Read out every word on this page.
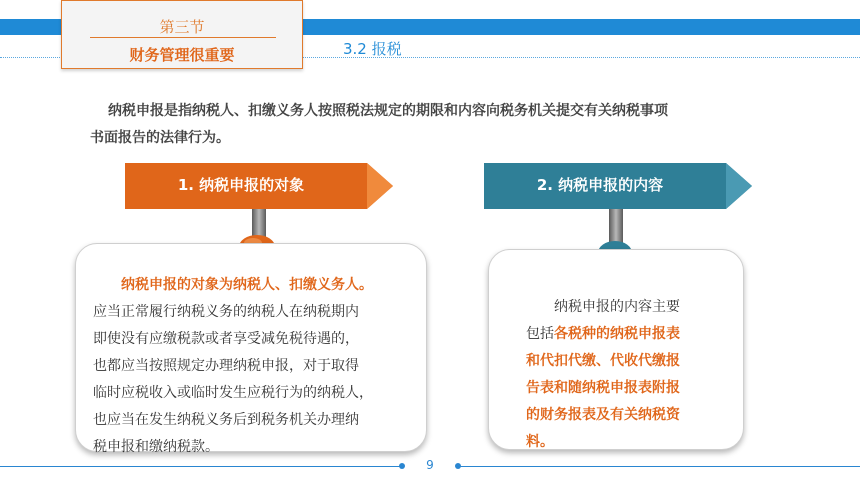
第三节
财务管理很重要	3.2 报税
纳税申报是指纳税人、扣缴义务人按照税法规定的期限和内容向税务机关提交有关纳税事项
书面报告的法律行为。
1. 纳税申报的对象	2. 纳税申报的内容
纳税申报的对象为纳税人、扣缴义务人。
应当正常履行纳税义务的纳税人在纳税期内
即使没有应缴税款或者享受减免税待遇的，
也都应当按照规定办理纳税申报，对于取得
临时应税收入或临时发生应税行为的纳税人，
也应当在发生纳税义务后到税务机关办理纳
税申报和缴纳税款。
纳税申报的内容主要
包括各税种的纳税申报表
和代扣代缴、代收代缴报
告表和随纳税申报表附报
的财务报表及有关纳税资
料。
9
